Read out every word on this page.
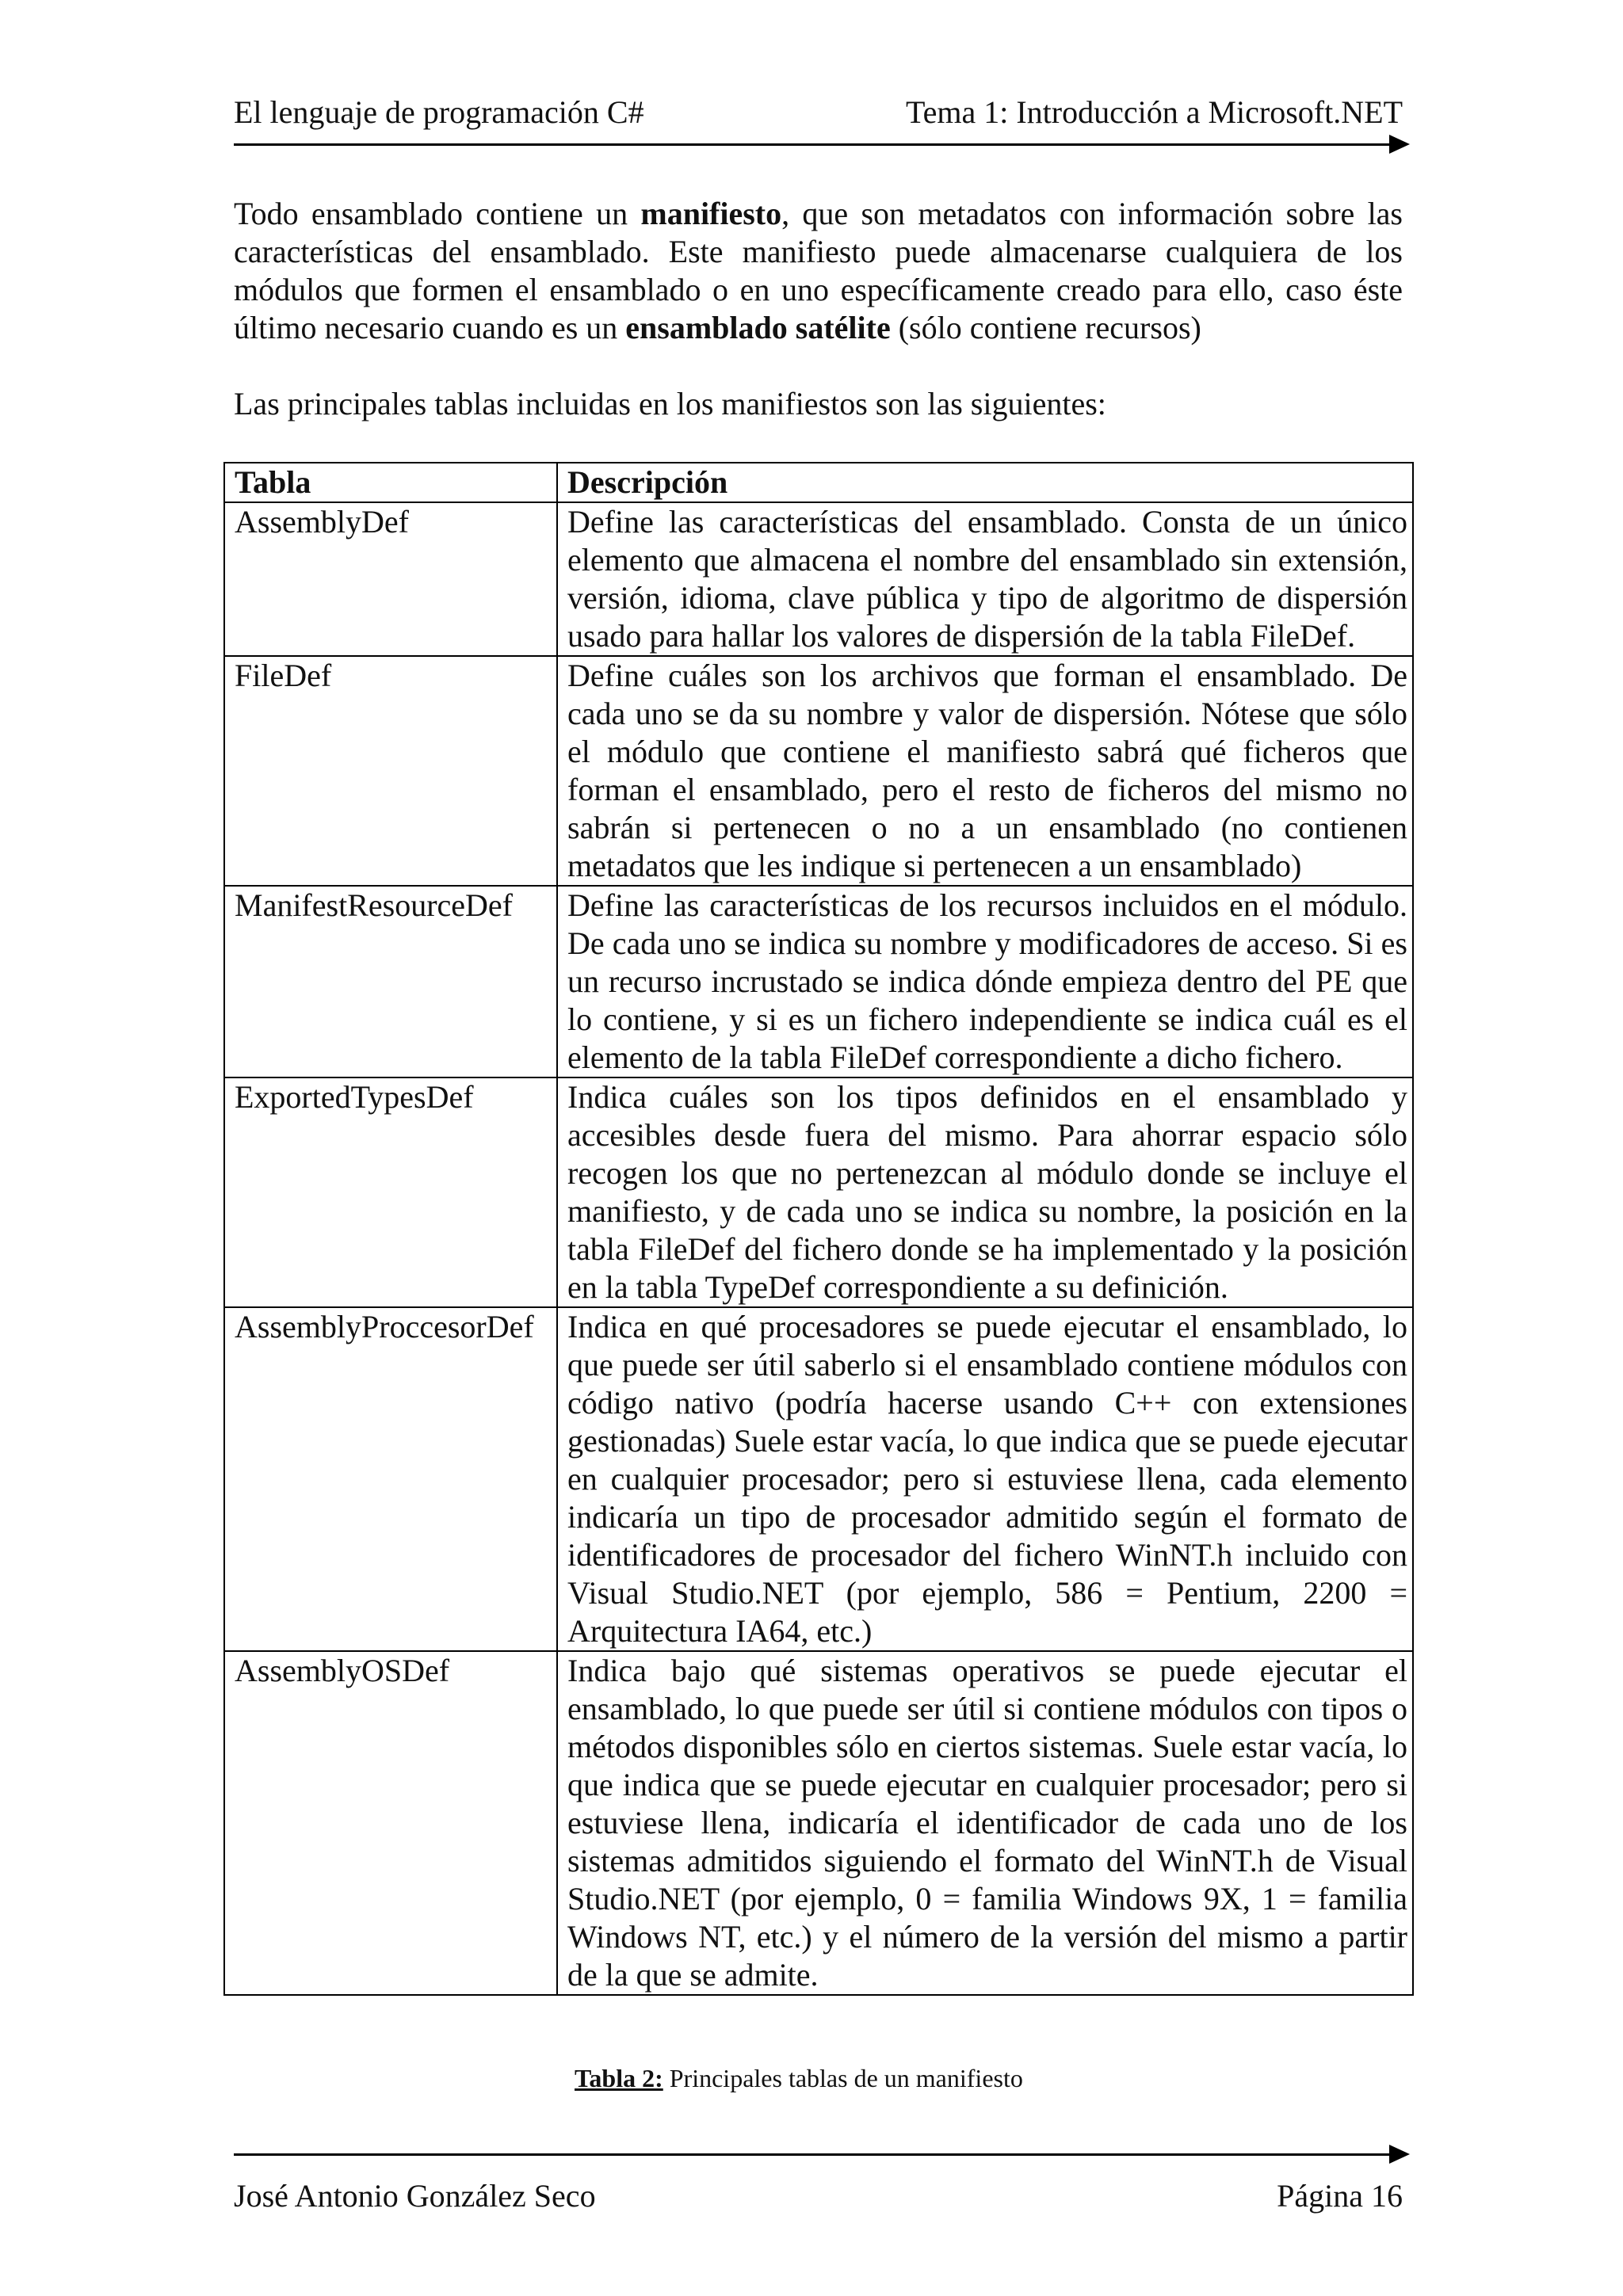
El lenguaje de programación C#	Tema 1: Introducción a Microsoft.NET

Todo ensamblado contiene un manifiesto, que son metadatos con información sobre las características del ensamblado. Este manifiesto puede almacenarse cualquiera de los módulos que formen el ensamblado o en uno específicamente creado para ello, caso éste último necesario cuando es un ensamblado satélite (sólo contiene recursos)

Las principales tablas incluidas en los manifiestos son las siguientes:

Tabla	Descripción
AssemblyDef	Define las características del ensamblado. Consta de un único elemento que almacena el nombre del ensamblado sin extensión, versión, idioma, clave pública y tipo de algoritmo de dispersión usado para hallar los valores de dispersión de la tabla FileDef.
FileDef	Define cuáles son los archivos que forman el ensamblado. De cada uno se da su nombre y valor de dispersión. Nótese que sólo el módulo que contiene el manifiesto sabrá qué ficheros que forman el ensamblado, pero el resto de ficheros del mismo no sabrán si pertenecen o no a un ensamblado (no contienen metadatos que les indique si pertenecen a un ensamblado)
ManifestResourceDef	Define las características de los recursos incluidos en el módulo. De cada uno se indica su nombre y modificadores de acceso. Si es un recurso incrustado se indica dónde empieza dentro del PE que lo contiene, y si es un fichero independiente se indica cuál es el elemento de la tabla FileDef correspondiente a dicho fichero.
ExportedTypesDef	Indica cuáles son los tipos definidos en el ensamblado y accesibles desde fuera del mismo. Para ahorrar espacio sólo recogen los que no pertenezcan al módulo donde se incluye el manifiesto, y de cada uno se indica su nombre, la posición en la tabla FileDef del fichero donde se ha implementado y la posición en la tabla TypeDef correspondiente a su definición.
AssemblyProccesorDef	Indica en qué procesadores se puede ejecutar el ensamblado, lo que puede ser útil saberlo si el ensamblado contiene módulos con código nativo (podría hacerse usando C++ con extensiones gestionadas) Suele estar vacía, lo que indica que se puede ejecutar en cualquier procesador; pero si estuviese llena, cada elemento indicaría un tipo de procesador admitido según el formato de identificadores de procesador del fichero WinNT.h incluido con Visual Studio.NET (por ejemplo, 586 = Pentium, 2200 = Arquitectura IA64, etc.)
AssemblyOSDef	Indica bajo qué sistemas operativos se puede ejecutar el ensamblado, lo que puede ser útil si contiene módulos con tipos o métodos disponibles sólo en ciertos sistemas. Suele estar vacía, lo que indica que se puede ejecutar en cualquier procesador; pero si estuviese llena, indicaría el identificador de cada uno de los sistemas admitidos siguiendo el formato del WinNT.h de Visual Studio.NET (por ejemplo, 0 = familia Windows 9X, 1 = familia Windows NT, etc.) y el número de la versión del mismo a partir de la que se admite.
Tabla 2: Principales tablas de un manifiesto
José Antonio González Seco	Página 16
